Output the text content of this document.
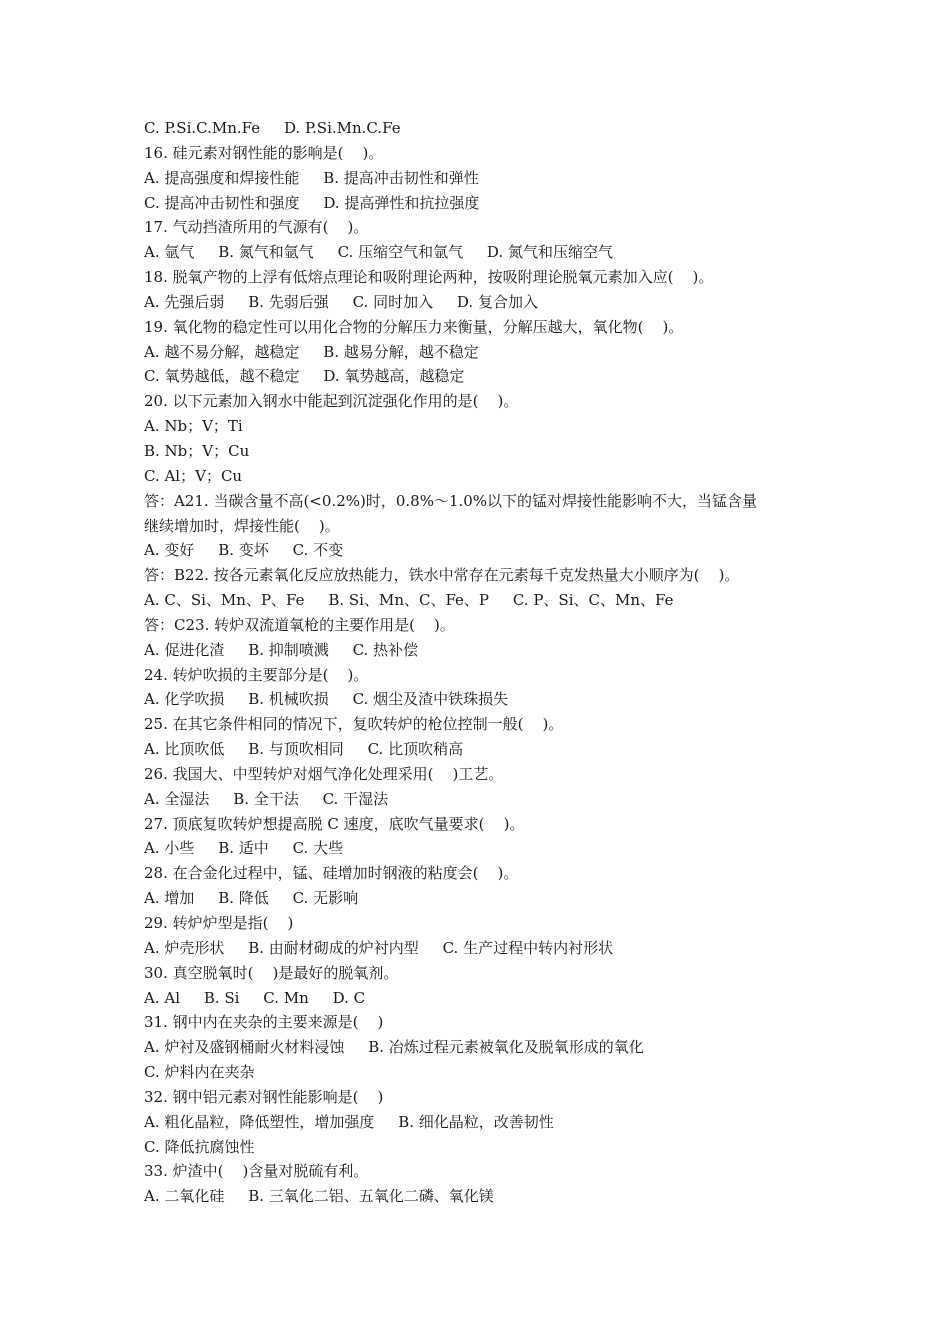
C. P.Si.C.Mn.Fe     D. P.Si.Mn.C.Fe
16. 硅元素对钢性能的影响是(    )。
A. 提高强度和焊接性能     B. 提高冲击韧性和弹性
C. 提高冲击韧性和强度     D. 提高弹性和抗拉强度
17. 气动挡渣所用的气源有(    )。
A. 氩气     B. 氮气和氩气     C. 压缩空气和氩气     D. 氮气和压缩空气
18. 脱氧产物的上浮有低熔点理论和吸附理论两种，按吸附理论脱氧元素加入应(    )。
A. 先强后弱     B. 先弱后强     C. 同时加入     D. 复合加入
19. 氧化物的稳定性可以用化合物的分解压力来衡量，分解压越大，氧化物(    )。
A. 越不易分解，越稳定     B. 越易分解，越不稳定
C. 氧势越低，越不稳定     D. 氧势越高，越稳定
20. 以下元素加入钢水中能起到沉淀强化作用的是(    )。
A. Nb；V；Ti
B. Nb；V；Cu
C. Al；V；Cu
答：A21. 当碳含量不高(<0.2%)时，0.8%～1.0%以下的锰对焊接性能影响不大，当锰含量
继续增加时，焊接性能(    )。
A. 变好     B. 变坏     C. 不变
答：B22. 按各元素氧化反应放热能力，铁水中常存在元素每千克发热量大小顺序为(    )。
A. C、Si、Mn、P、Fe     B. Si、Mn、C、Fe、P     C. P、Si、C、Mn、Fe
答：C23. 转炉双流道氧枪的主要作用是(    )。
A. 促进化渣     B. 抑制喷溅     C. 热补偿
24. 转炉吹损的主要部分是(    )。
A. 化学吹损     B. 机械吹损     C. 烟尘及渣中铁珠损失
25. 在其它条件相同的情况下，复吹转炉的枪位控制一般(    )。
A. 比顶吹低     B. 与顶吹相同     C. 比顶吹稍高
26. 我国大、中型转炉对烟气净化处理采用(    )工艺。
A. 全湿法     B. 全干法     C. 干湿法
27. 顶底复吹转炉想提高脱 C 速度，底吹气量要求(    )。
A. 小些     B. 适中     C. 大些
28. 在合金化过程中，锰、硅增加时钢液的粘度会(    )。
A. 增加     B. 降低     C. 无影响
29. 转炉炉型是指(    )
A. 炉壳形状     B. 由耐材砌成的炉衬内型     C. 生产过程中转内衬形状
30. 真空脱氧时(    )是最好的脱氧剂。
A. Al     B. Si     C. Mn     D. C
31. 钢中内在夹杂的主要来源是(    )
A. 炉衬及盛钢桶耐火材料浸蚀     B. 冶炼过程元素被氧化及脱氧形成的氧化
C. 炉料内在夹杂
32. 钢中铝元素对钢性能影响是(    )
A. 粗化晶粒，降低塑性，增加强度     B. 细化晶粒，改善韧性
C. 降低抗腐蚀性
33. 炉渣中(    )含量对脱硫有利。
A. 二氧化硅     B. 三氧化二铝、五氧化二磷、氧化镁
